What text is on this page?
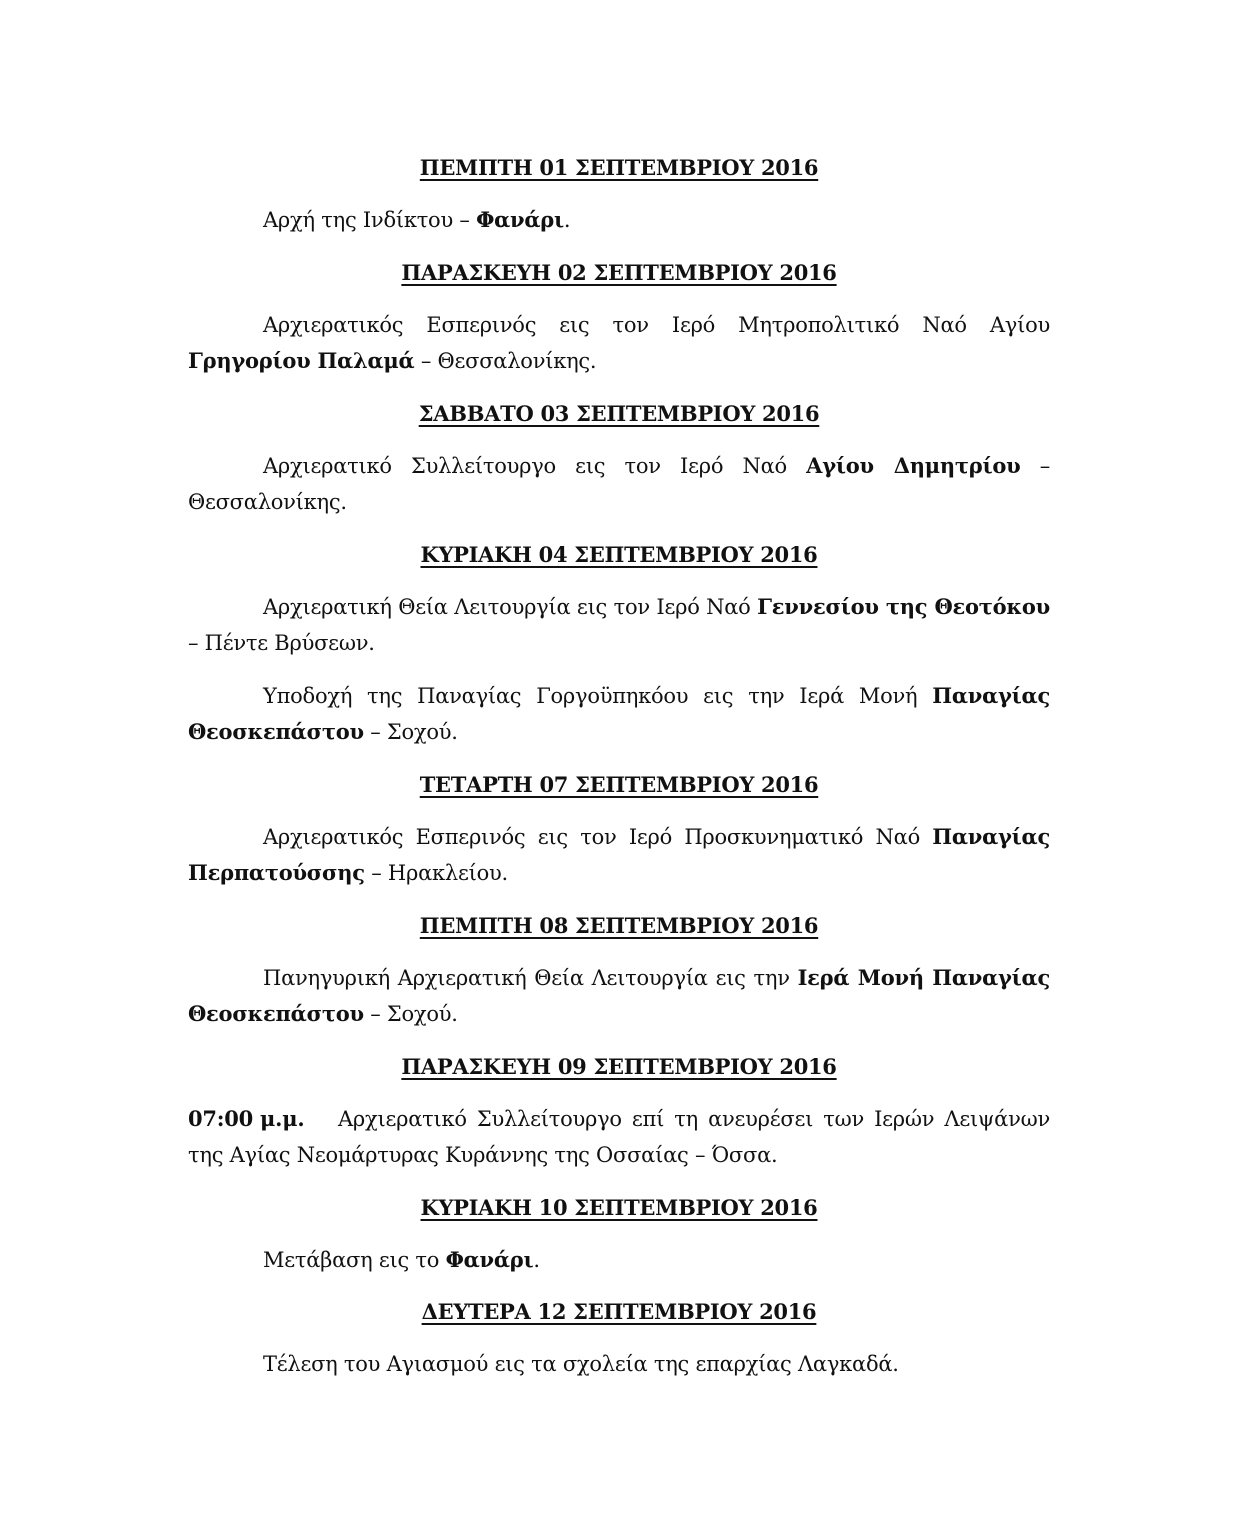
ΠΕΜΠΤΗ 01 ΣΕΠΤΕΜΒΡΙΟΥ 2016

Αρχή της Ινδίκτου – Φανάρι.

ΠΑΡΑΣΚΕΥΗ 02 ΣΕΠΤΕΜΒΡΙΟΥ 2016

Αρχιερατικός Εσπερινός εις τον Ιερό Μητροπολιτικό Ναό Αγίου Γρηγορίου Παλαμά – Θεσσαλονίκης.

ΣΑΒΒΑΤΟ 03 ΣΕΠΤΕΜΒΡΙΟΥ 2016

Αρχιερατικό Συλλείτουργο εις τον Ιερό Ναό Αγίου Δημητρίου – Θεσσαλονίκης.

ΚΥΡΙΑΚΗ 04 ΣΕΠΤΕΜΒΡΙΟΥ 2016

Αρχιερατική Θεία Λειτουργία εις τον Ιερό Ναό Γεννεσίου της Θεοτόκου – Πέντε Βρύσεων.

Υποδοχή της Παναγίας Γοργοϋπηκόου εις την Ιερά Μονή Παναγίας Θεοσκεπάστου – Σοχού.

ΤΕΤΑΡΤΗ 07 ΣΕΠΤΕΜΒΡΙΟΥ 2016

Αρχιερατικός Εσπερινός εις τον Ιερό Προσκυνηματικό Ναό Παναγίας Περπατούσσης – Ηρακλείου.

ΠΕΜΠΤΗ 08 ΣΕΠΤΕΜΒΡΙΟΥ 2016

Πανηγυρική Αρχιερατική Θεία Λειτουργία εις την Ιερά Μονή Παναγίας Θεοσκεπάστου – Σοχού.

ΠΑΡΑΣΚΕΥΗ 09 ΣΕΠΤΕΜΒΡΙΟΥ 2016

07:00 μ.μ. Αρχιερατικό Συλλείτουργο επί τη ανευρέσει των Ιερών Λειψάνων της Αγίας Νεομάρτυρας Κυράννης της Οσσαίας – Όσσα.

ΚΥΡΙΑΚΗ 10 ΣΕΠΤΕΜΒΡΙΟΥ 2016

Μετάβαση εις το Φανάρι.

ΔΕΥΤΕΡΑ 12 ΣΕΠΤΕΜΒΡΙΟΥ 2016

Τέλεση του Αγιασμού εις τα σχολεία της επαρχίας Λαγκαδά.
